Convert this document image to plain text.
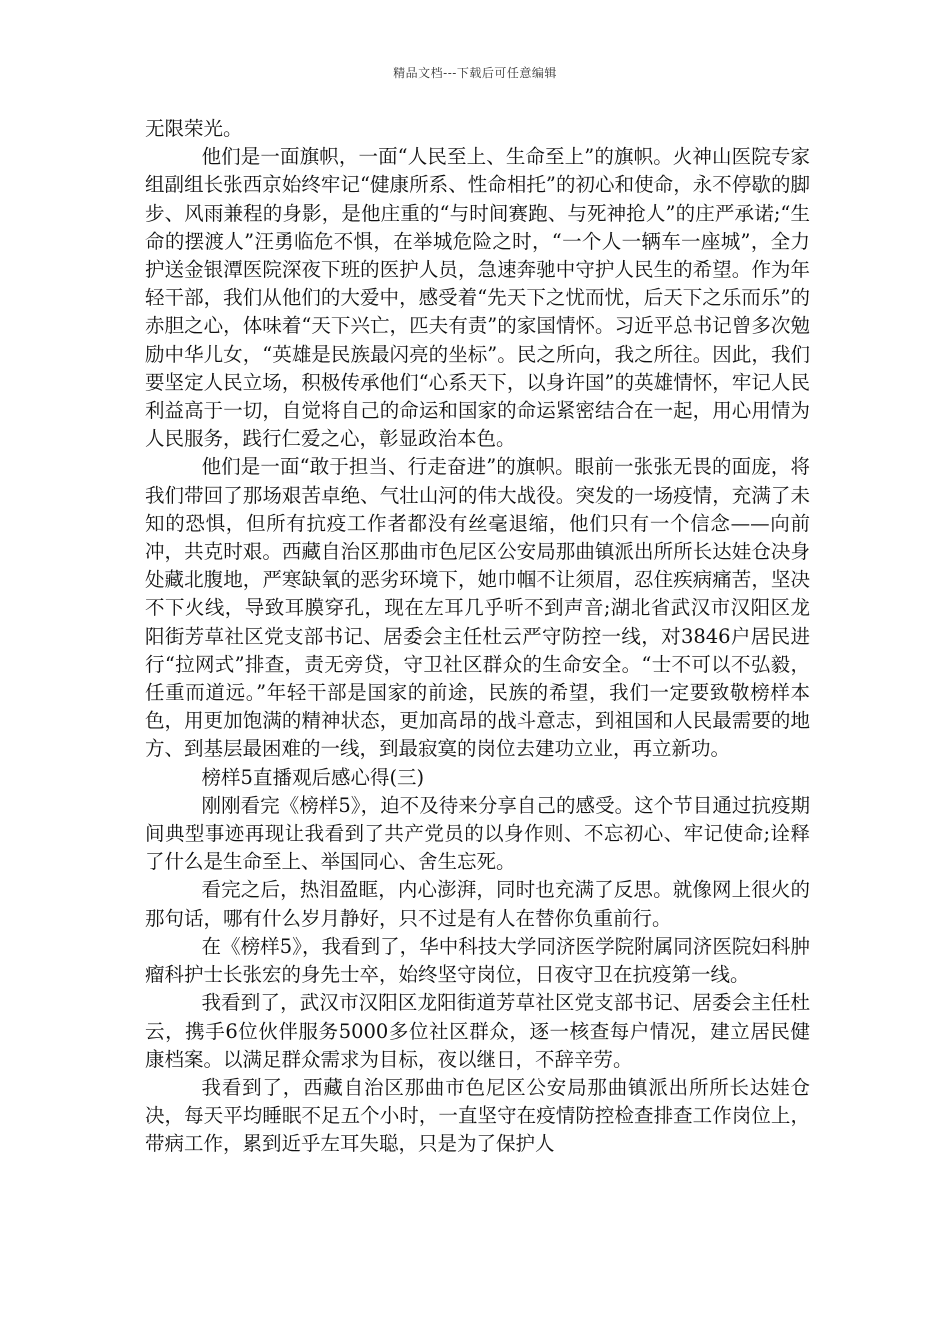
精品文档---下载后可任意编辑

无限荣光。

他们是一面旗帜，一面“人民至上、生命至上”的旗帜。火神山医院专家组副组长张西京始终牢记“健康所系、性命相托”的初心和使命，永不停歇的脚步、风雨兼程的身影，是他庄重的“与时间赛跑、与死神抢人”的庄严承诺;“生命的摆渡人”汪勇临危不惧，在举城危险之时，“一个人一辆车一座城”，全力护送金银潭医院深夜下班的医护人员，急速奔驰中守护人民生的希望。作为年轻干部，我们从他们的大爱中，感受着“先天下之忧而忧，后天下之乐而乐”的赤胆之心，体味着“天下兴亡，匹夫有责”的家国情怀。习近平总书记曾多次勉励中华儿女，“英雄是民族最闪亮的坐标”。民之所向，我之所往。因此，我们要坚定人民立场，积极传承他们“心系天下，以身许国”的英雄情怀，牢记人民利益高于一切，自觉将自己的命运和国家的命运紧密结合在一起，用心用情为人民服务，践行仁爱之心，彰显政治本色。

他们是一面“敢于担当、行走奋进”的旗帜。眼前一张张无畏的面庞，将我们带回了那场艰苦卓绝、气壮山河的伟大战役。突发的一场疫情，充满了未知的恐惧，但所有抗疫工作者都没有丝毫退缩，他们只有一个信念——向前冲，共克时艰。西藏自治区那曲市色尼区公安局那曲镇派出所所长达娃仓决身处藏北腹地，严寒缺氧的恶劣环境下，她巾帼不让须眉，忍住疾病痛苦，坚决不下火线，导致耳膜穿孔，现在左耳几乎听不到声音;湖北省武汉市汉阳区龙阳街芳草社区党支部书记、居委会主任杜云严守防控一线，对3846户居民进行“拉网式”排查，责无旁贷，守卫社区群众的生命安全。“士不可以不弘毅，任重而道远。”年轻干部是国家的前途，民族的希望，我们一定要致敬榜样本色，用更加饱满的精神状态，更加高昂的战斗意志，到祖国和人民最需要的地方、到基层最困难的一线，到最寂寞的岗位去建功立业，再立新功。

榜样5直播观后感心得(三)

刚刚看完《榜样5》，迫不及待来分享自己的感受。这个节目通过抗疫期间典型事迹再现让我看到了共产党员的以身作则、不忘初心、牢记使命;诠释了什么是生命至上、举国同心、舍生忘死。

看完之后，热泪盈眶，内心澎湃，同时也充满了反思。就像网上很火的那句话，哪有什么岁月静好，只不过是有人在替你负重前行。

在《榜样5》，我看到了，华中科技大学同济医学院附属同济医院妇科肿瘤科护士长张宏的身先士卒，始终坚守岗位，日夜守卫在抗疫第一线。

我看到了，武汉市汉阳区龙阳街道芳草社区党支部书记、居委会主任杜云，携手6位伙伴服务5000多位社区群众，逐一核查每户情况，建立居民健康档案。以满足群众需求为目标，夜以继日，不辞辛劳。

我看到了，西藏自治区那曲市色尼区公安局那曲镇派出所所长达娃仓决，每天平均睡眠不足五个小时，一直坚守在疫情防控检查排查工作岗位上，带病工作，累到近乎左耳失聪，只是为了保护人
